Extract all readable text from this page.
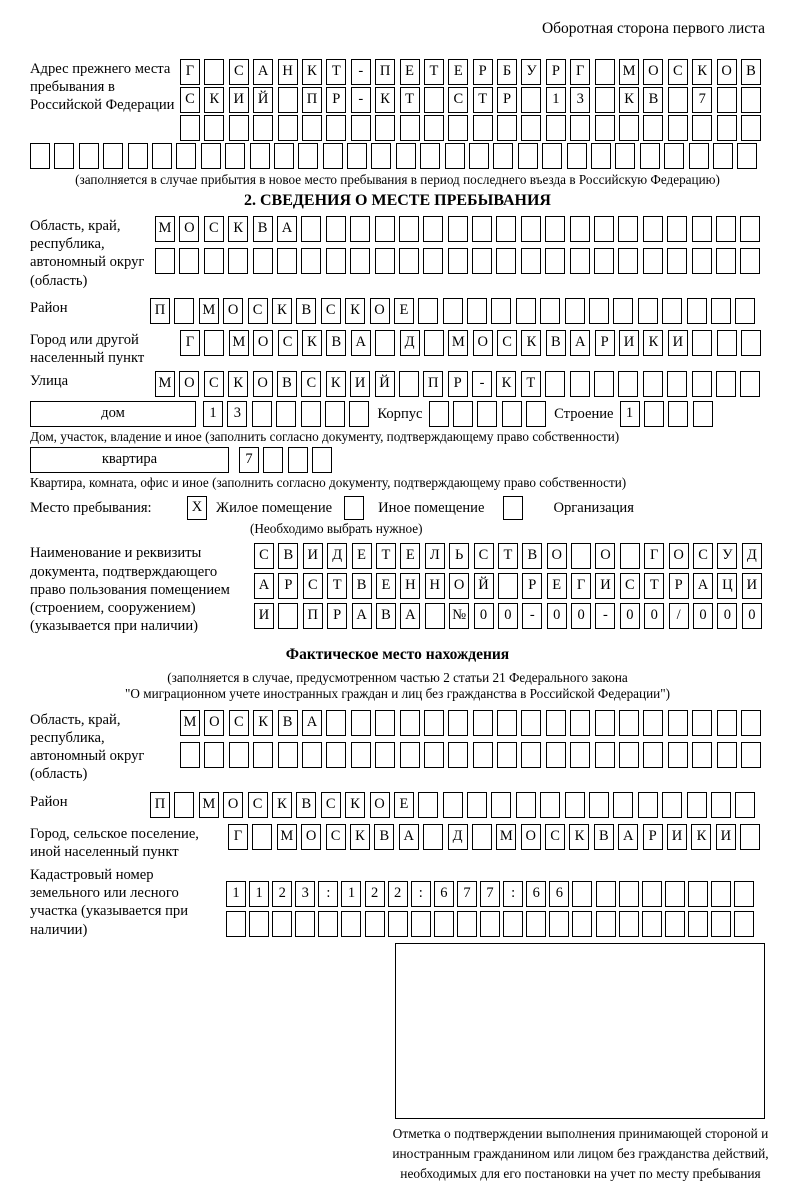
Оборотная сторона первого листа
Адрес прежнего места пребывания в Российской Федерации
Г	С А Н К	Т	-	П	Е	Т	Е	Р	Б	У	Р	Г	М О С	К О В
С	К И Й	П	Р	-	К	Т	С	Т	Р	1	3	К	В	7
(заполняется в случае прибытия в новое место пребывания в период последнего въезда в Российскую Федерацию)
2. СВЕДЕНИЯ О МЕСТЕ ПРЕБЫВАНИЯ
Область, край, республика, автономный округ (область)
М О С	К	В А
Район	П	М О С	К	В	С	К О	Е
Город или другой населенный пункт
Г	М О С	К	В А	Д	М О С	К	В А	Р	И К И
Улица	М О С	К О В	С	К И Й	П	Р	-	К	Т
дом	1	3	Корпус	Строение 1
Дом, участок, владение и иное (заполнить согласно документу, подтверждающему право собственности)
квартира	7
Квартира, комната, офис и иное (заполнить согласно документу, подтверждающему право собственности)
Место пребывания:	X Жилое помещение	Иное помещение	Организация
(Необходимо выбрать нужное)
Наименование и реквизиты документа, подтверждающего право пользования помещением (строением, сооружением) (указывается при наличии)
С	В И Д	Е	Т	Е	Л	Ь	С	Т	В О	О	Г	О С У Д
А	Р	С	Т	В	Е	Н Н О Й	Р	Е	Г	И С	Т	Р	А Ц И
И	П	Р	А В А	№ 0	0	-	0	0	-	0	0	/	0	0	0
Фактическое место нахождения
(заполняется в случае, предусмотренном частью 2 статьи 21 Федерального закона
"О миграционном учете иностранных граждан и лиц без гражданства в Российской Федерации")
Область, край, республика, автономный округ (область)
М О С	К	В А
Район	П	М О С	К	В	С	К О	Е
Город, сельское поселение, иной населенный пункт
Г	М О С	К	В А	Д	М О С	К	В А	Р	И К И
Кадастровый номер земельного или лесного участка (указывается при наличии)
1	1	2	3	:	1	2	2	:	6	7	7	:	6	6
Отметка о подтверждении выполнения принимающей стороной и иностранным гражданином или лицом без гражданства действий, необходимых для его постановки на учет по месту пребывания
